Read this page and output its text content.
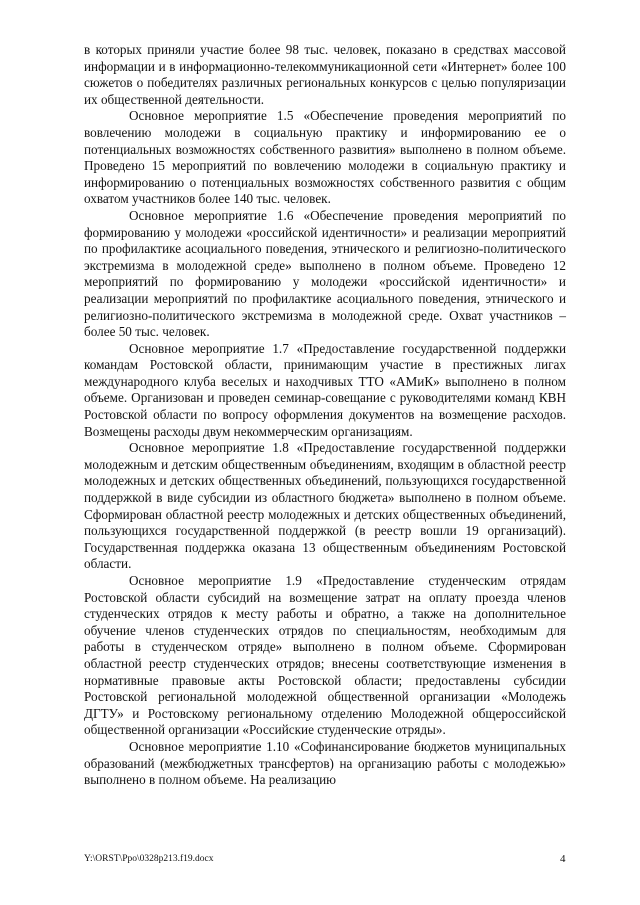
в которых приняли участие более 98 тыс. человек, показано в средствах массовой информации и в информационно-телекоммуникационной сети «Интернет» более 100 сюжетов о победителях различных региональных конкурсов с целью популяризации их общественной деятельности.

Основное мероприятие 1.5 «Обеспечение проведения мероприятий по вовлечению молодежи в социальную практику и информированию ее о потенциальных возможностях собственного развития» выполнено в полном объеме. Проведено 15 мероприятий по вовлечению молодежи в социальную практику и информированию о потенциальных возможностях собственного развития с общим охватом участников более 140 тыс. человек.

Основное мероприятие 1.6 «Обеспечение проведения мероприятий по формированию у молодежи «российской идентичности» и реализации мероприятий по профилактике асоциального поведения, этнического и религиозно-политического экстремизма в молодежной среде» выполнено в полном объеме. Проведено 12 мероприятий по формированию у молодежи «российской идентичности» и реализации мероприятий по профилактике асоциального поведения, этнического и религиозно-политического экстремизма в молодежной среде. Охват участников – более 50 тыс. человек.

Основное мероприятие 1.7 «Предоставление государственной поддержки командам Ростовской области, принимающим участие в престижных лигах международного клуба веселых и находчивых ТТО «АМиК» выполнено в полном объеме. Организован и проведен семинар-совещание с руководителями команд КВН Ростовской области по вопросу оформления документов на возмещение расходов. Возмещены расходы двум некоммерческим организациям.

Основное мероприятие 1.8 «Предоставление государственной поддержки молодежным и детским общественным объединениям, входящим в областной реестр молодежных и детских общественных объединений, пользующихся государственной поддержкой в виде субсидии из областного бюджета» выполнено в полном объеме. Сформирован областной реестр молодежных и детских общественных объединений, пользующихся государственной поддержкой (в реестр вошли 19 организаций). Государственная поддержка оказана 13 общественным объединениям Ростовской области.

Основное мероприятие 1.9 «Предоставление студенческим отрядам Ростовской области субсидий на возмещение затрат на оплату проезда членов студенческих отрядов к месту работы и обратно, а также на дополнительное обучение членов студенческих отрядов по специальностям, необходимым для работы в студенческом отряде» выполнено в полном объеме. Сформирован областной реестр студенческих отрядов; внесены соответствующие изменения в нормативные правовые акты Ростовской области; предоставлены субсидии Ростовской региональной молодежной общественной организации «Молодежь ДГТУ» и Ростовскому региональному отделению Молодежной общероссийской общественной организации «Российские студенческие отряды».

Основное мероприятие 1.10 «Софинансирование бюджетов муниципальных образований (межбюджетных трансфертов) на организацию работы с молодежью» выполнено в полном объеме. На реализацию

Y:\ORST\Ppo\0328p213.f19.docx	4
